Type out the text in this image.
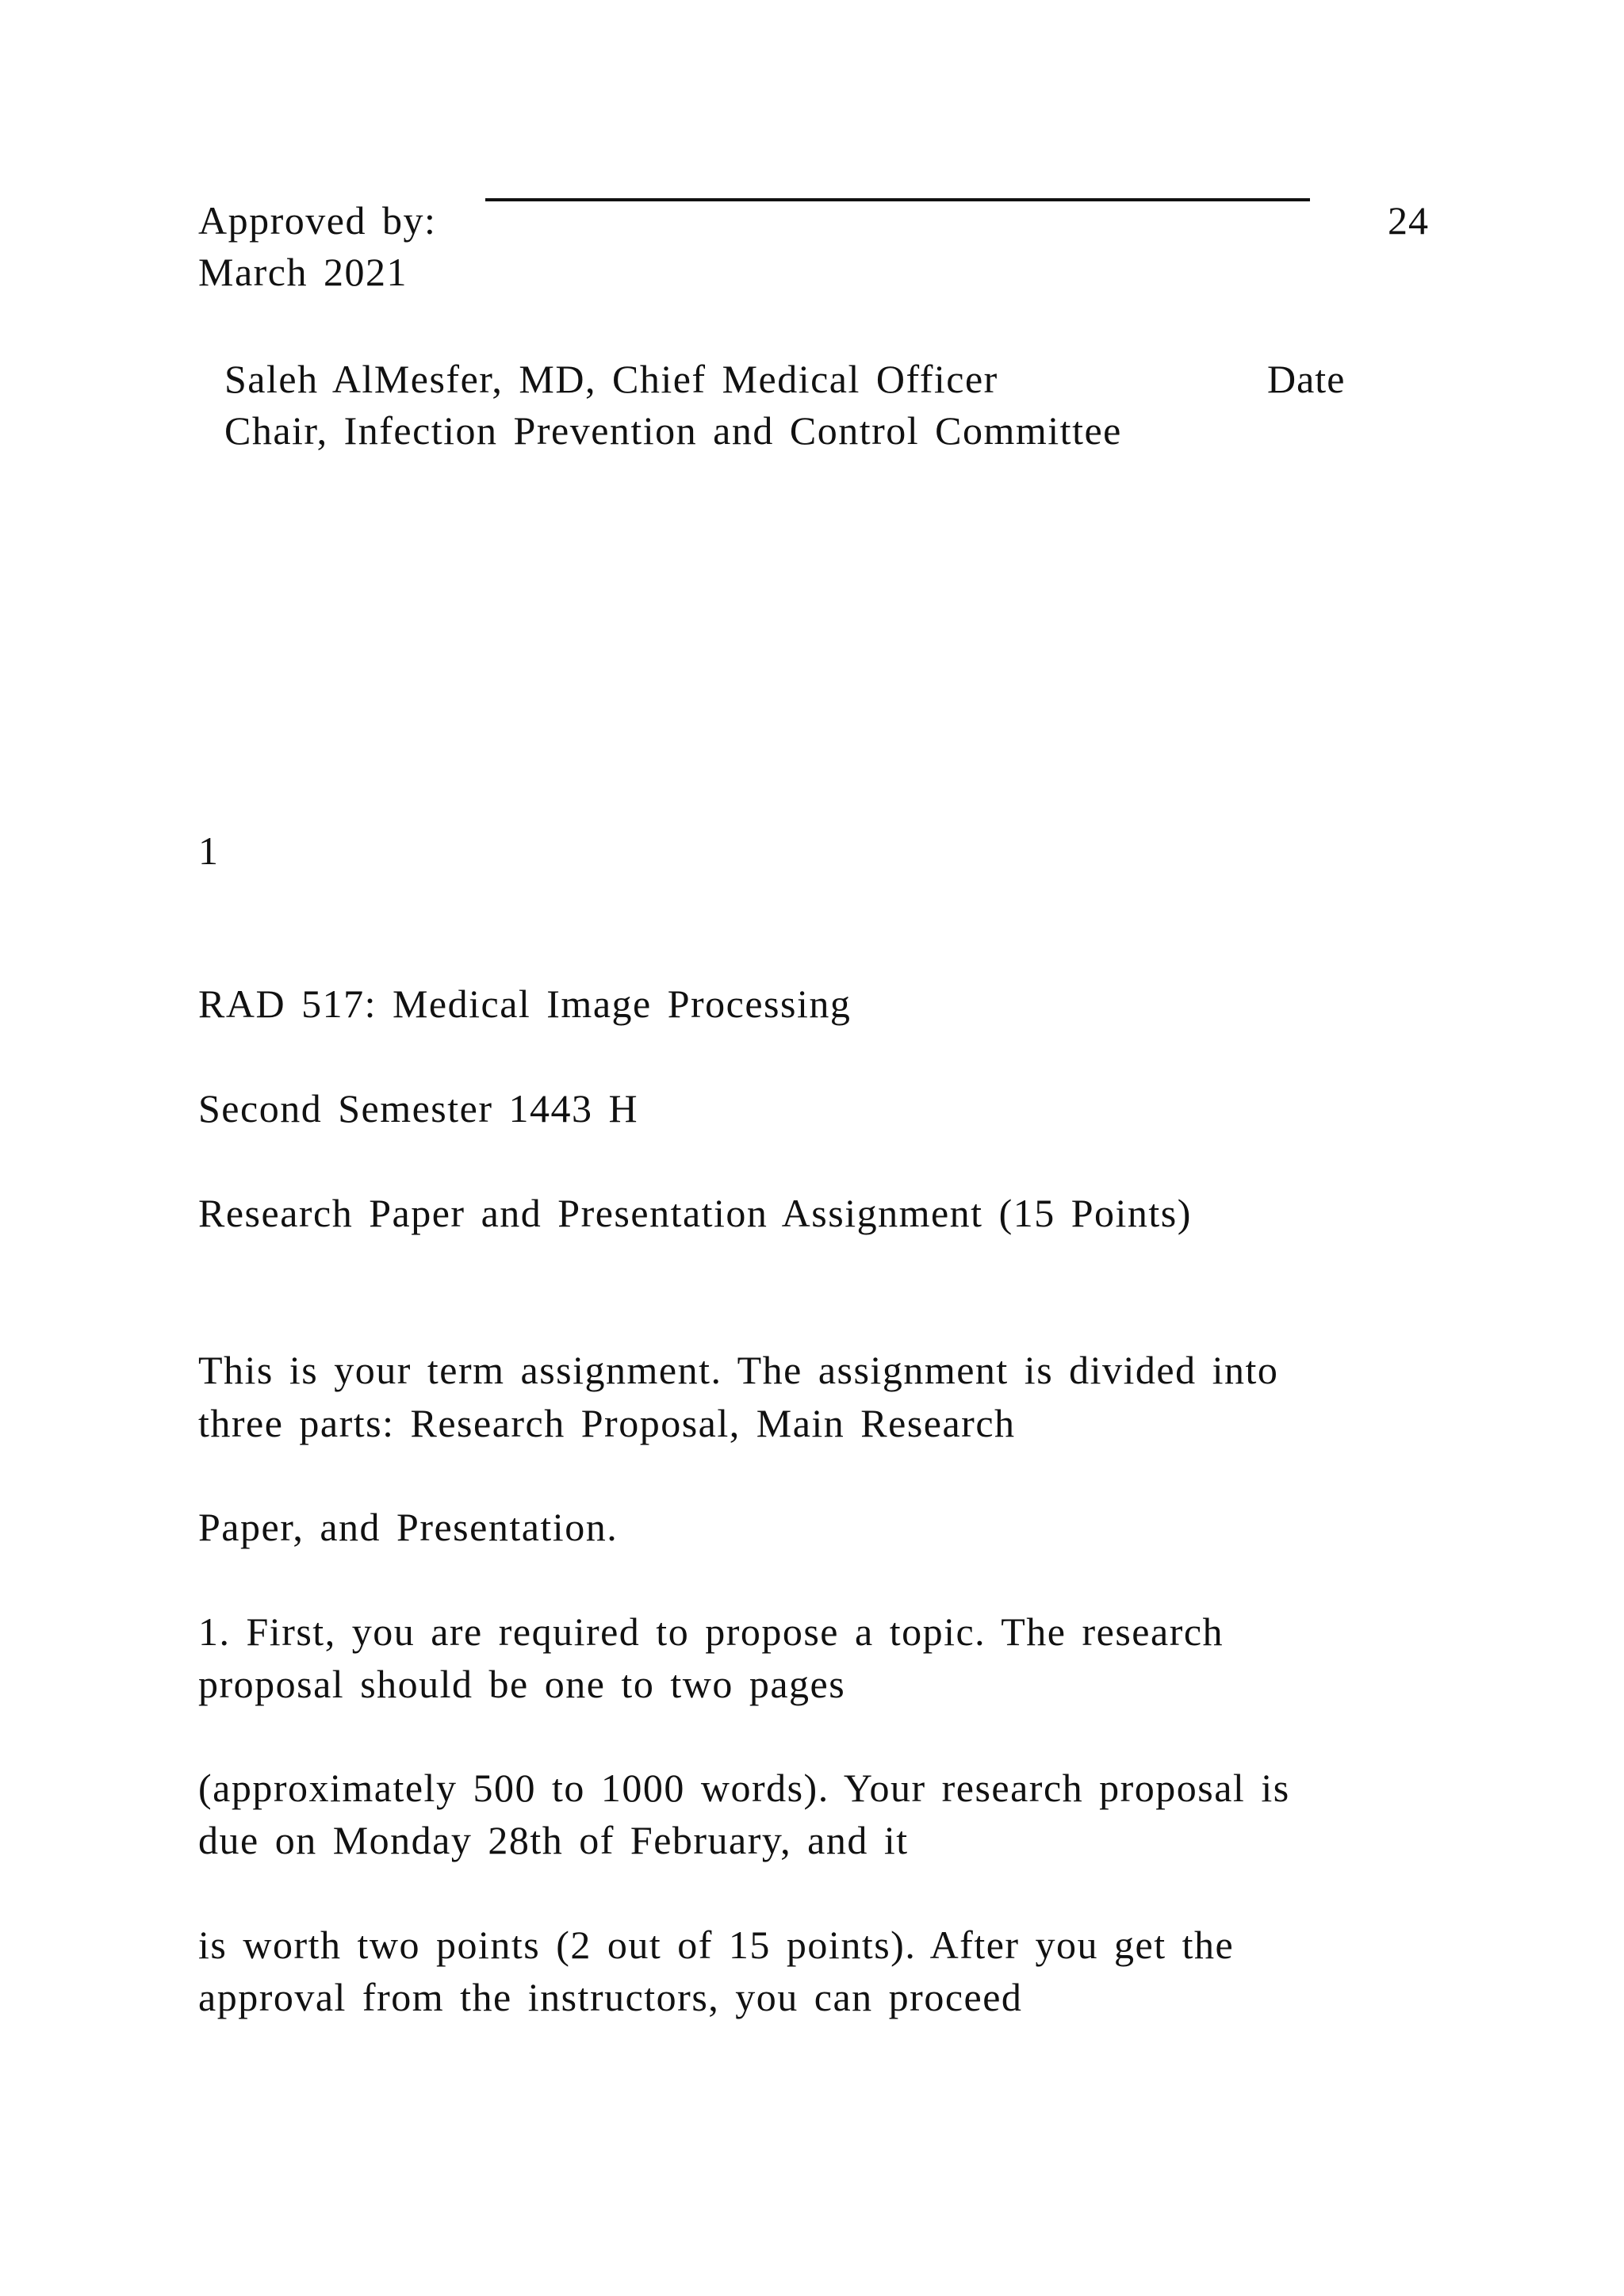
Approved by:	24
March 2021
Saleh AlMesfer, MD, Chief Medical Officer	Date
Chair, Infection Prevention and Control Committee
1
RAD 517: Medical Image Processing
Second Semester 1443 H
Research Paper and Presentation Assignment (15 Points)
This is your term assignment. The assignment is divided into
three parts: Research Proposal, Main Research
Paper, and Presentation.
1. First, you are required to propose a topic. The research
proposal should be one to two pages
(approximately 500 to 1000 words). Your research proposal is
due on Monday 28th of February, and it
is worth two points (2 out of 15 points). After you get the
approval from the instructors, you can proceed
